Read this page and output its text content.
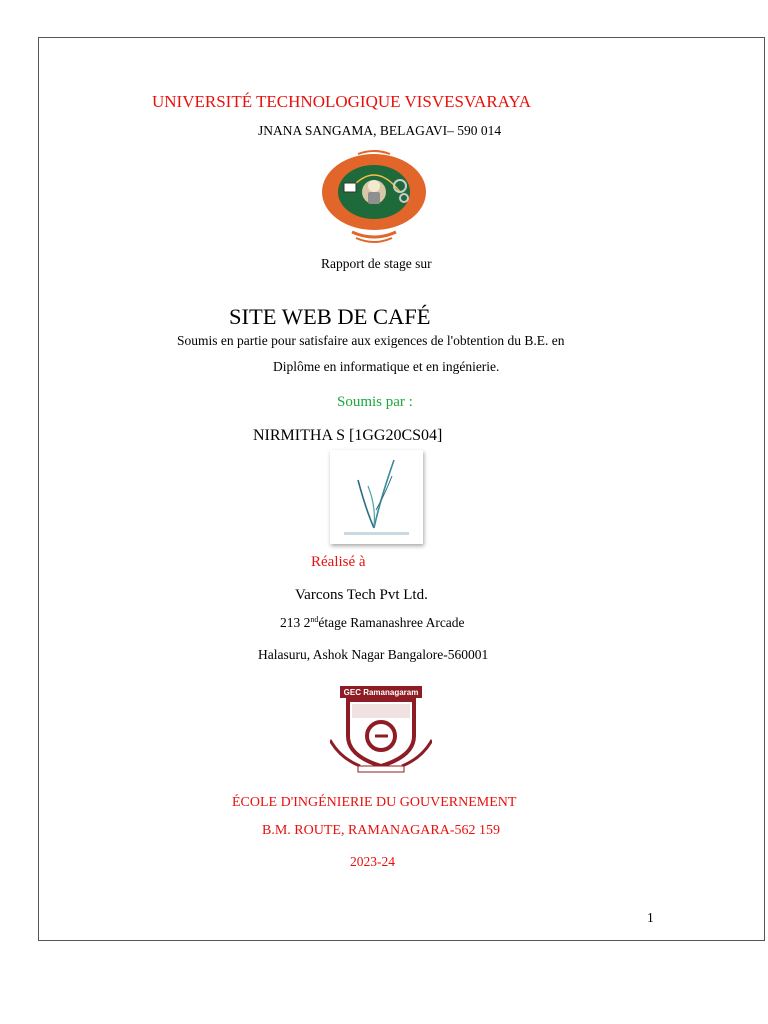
UNIVERSITÉ TECHNOLOGIQUE VISVESVARAYA
JNANA SANGAMA, BELAGAVI– 590 014
Rapport de stage sur
SITE WEB DE CAFÉ
Soumis en partie pour satisfaire aux exigences de l'obtention du B.E. en
Diplôme en informatique et en ingénierie.
Soumis par :
NIRMITHA S [1GG20CS04]
Réalisé à
Varcons Tech Pvt Ltd.
213 2ndétage Ramanashree Arcade
Halasuru, Ashok Nagar Bangalore-560001
GEC Ramanagaram
ÉCOLE D'INGÉNIERIE DU GOUVERNEMENT
B.M. ROUTE, RAMANAGARA-562 159
2023-24
1
